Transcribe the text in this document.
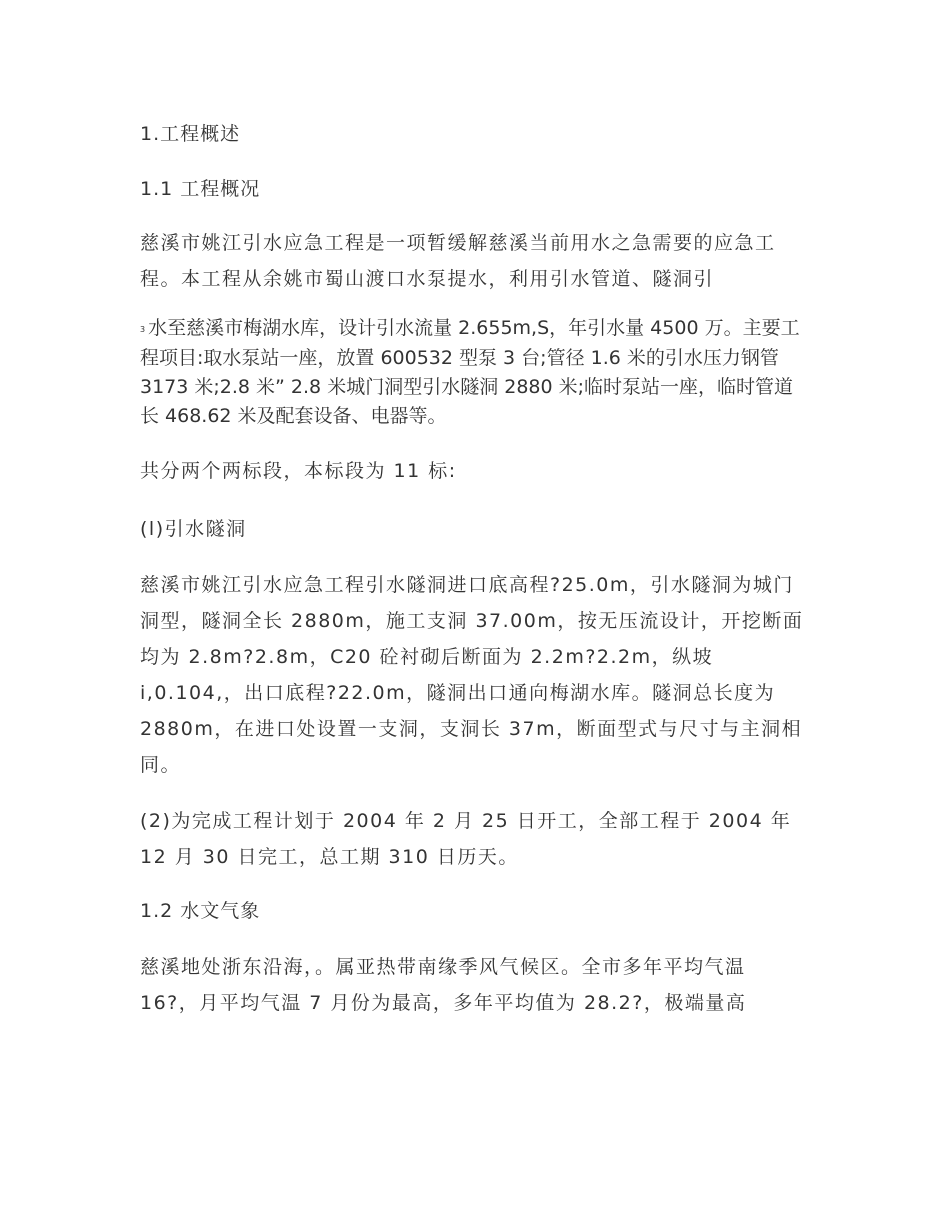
1.工程概述

1.1 工程概况

慈溪市姚江引水应急工程是一项暂缓解慈溪当前用水之急需要的应急工程。本工程从余姚市蜀山渡口水泵提水，利用引水管道、隧洞引

$^3$ 水至慈溪市梅湖水库，设计引水流量 2.655m,S，年引水量 4500 万。主要工程项目:取水泵站一座，放置 600532 型泵 3 台;管径 1.6 米的引水压力钢管 3173 米;2.8 米” 2.8 米城门洞型引水隧洞 2880 米;临时泵站一座，临时管道长 468.62 米及配套设备、电器等。

共分两个两标段，本标段为 11 标:

(l)引水隧洞

慈溪市姚江引水应急工程引水隧洞进口底高程?25.0m，引水隧洞为城门洞型，隧洞全长 2880m，施工支洞 37.00m，按无压流设计，开挖断面均为 2.8m?2.8m，C20 砼衬砌后断面为 2.2m?2.2m，纵坡 i,0.104,，出口底程?22.0m，隧洞出口通向梅湖水库。隧洞总长度为 2880m，在进口处设置一支洞，支洞长 37m，断面型式与尺寸与主洞相同。

(2)为完成工程计划于 2004 年 2 月 25 日开工，全部工程于 2004 年 12 月 30 日完工，总工期 310 日历天。

1.2 水文气象

慈溪地处浙东沿海，。属亚热带南缘季风气候区。全市多年平均气温 16?，月平均气温 7 月份为最高，多年平均值为 28.2?，极端量高
